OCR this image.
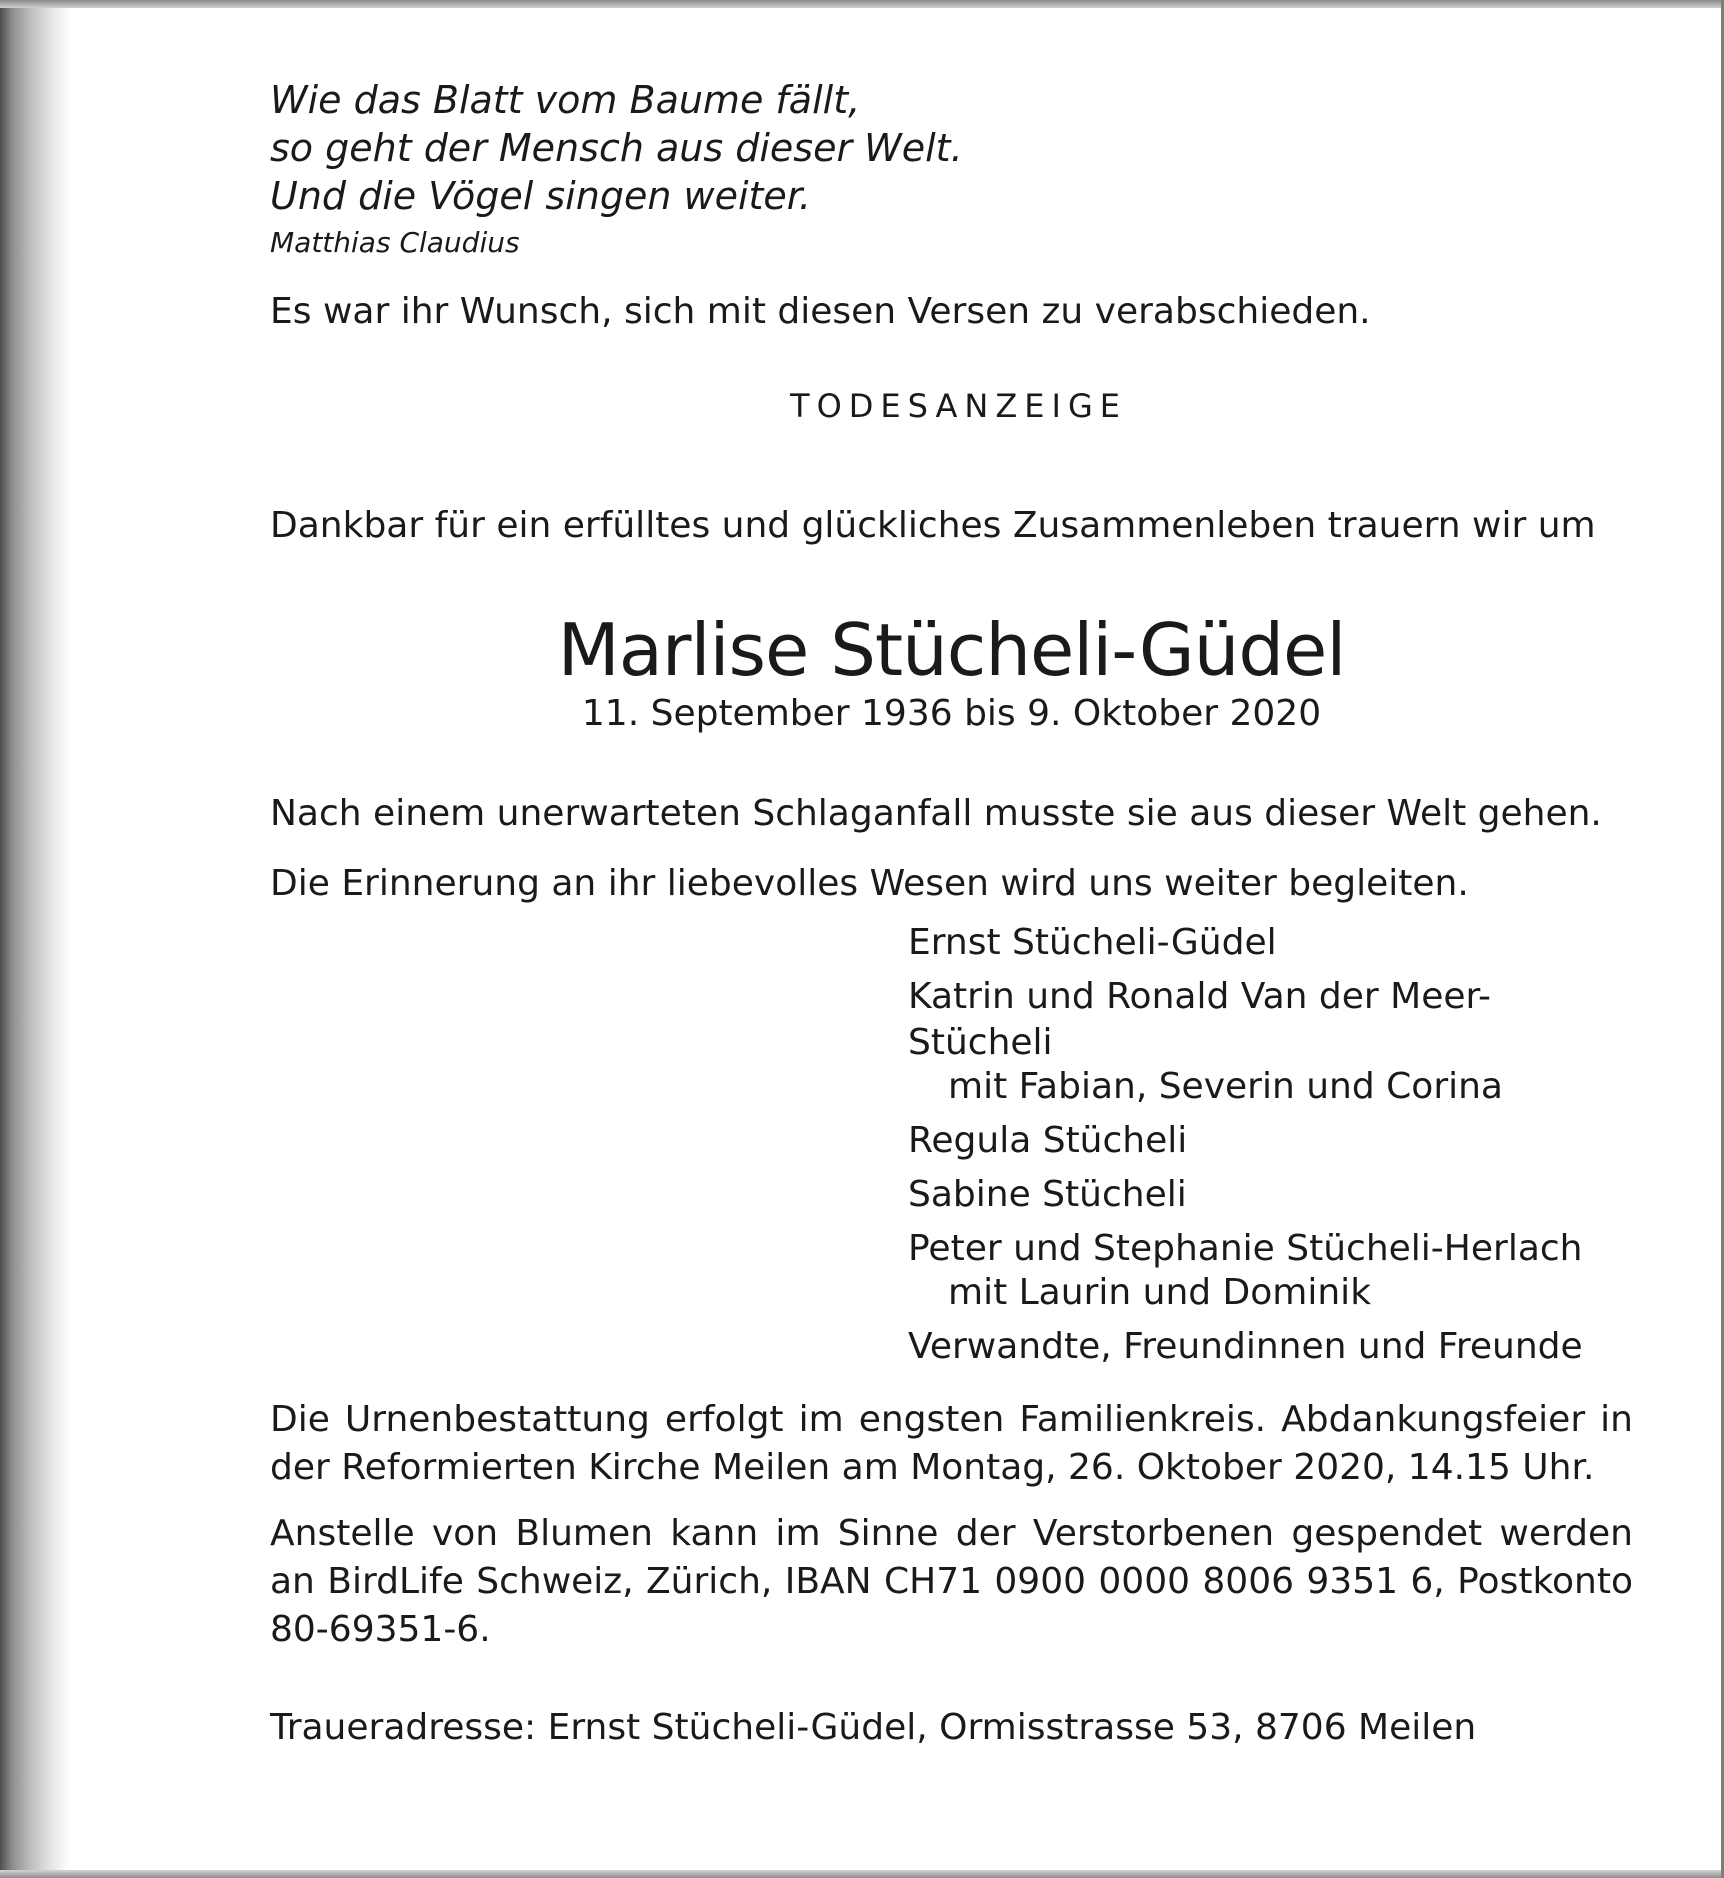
Wie das Blatt vom Baume fällt,

so geht der Mensch aus dieser Welt.

Und die Vögel singen weiter.

Matthias Claudius

Es war ihr Wunsch, sich mit diesen Versen zu verabschieden.

TODESANZEIGE

Dankbar für ein erfülltes und glückliches Zusammenleben trauern wir um

Marlise Stücheli-Güdel

11. September 1936 bis 9. Oktober 2020

Nach einem unerwarteten Schlaganfall musste sie aus dieser Welt gehen.

Die Erinnerung an ihr liebevolles Wesen wird uns weiter begleiten.

Ernst Stücheli-Güdel
Katrin und Ronald Van der Meer-Stücheli
mit Fabian, Severin und Corina
Regula Stücheli
Sabine Stücheli
Peter und Stephanie Stücheli-Herlach
mit Laurin und Dominik
Verwandte, Freundinnen und Freunde

Die Urnenbestattung erfolgt im engsten Familienkreis. Abdankungsfeier in der Reformierten Kirche Meilen am Montag, 26. Oktober 2020, 14.15 Uhr.

Anstelle von Blumen kann im Sinne der Verstorbenen gespendet werden an BirdLife Schweiz, Zürich, IBAN CH71 0900 0000 8006 9351 6, Postkonto 80-69351-6.

Traueradresse: Ernst Stücheli-Güdel, Ormisstrasse 53, 8706 Meilen
